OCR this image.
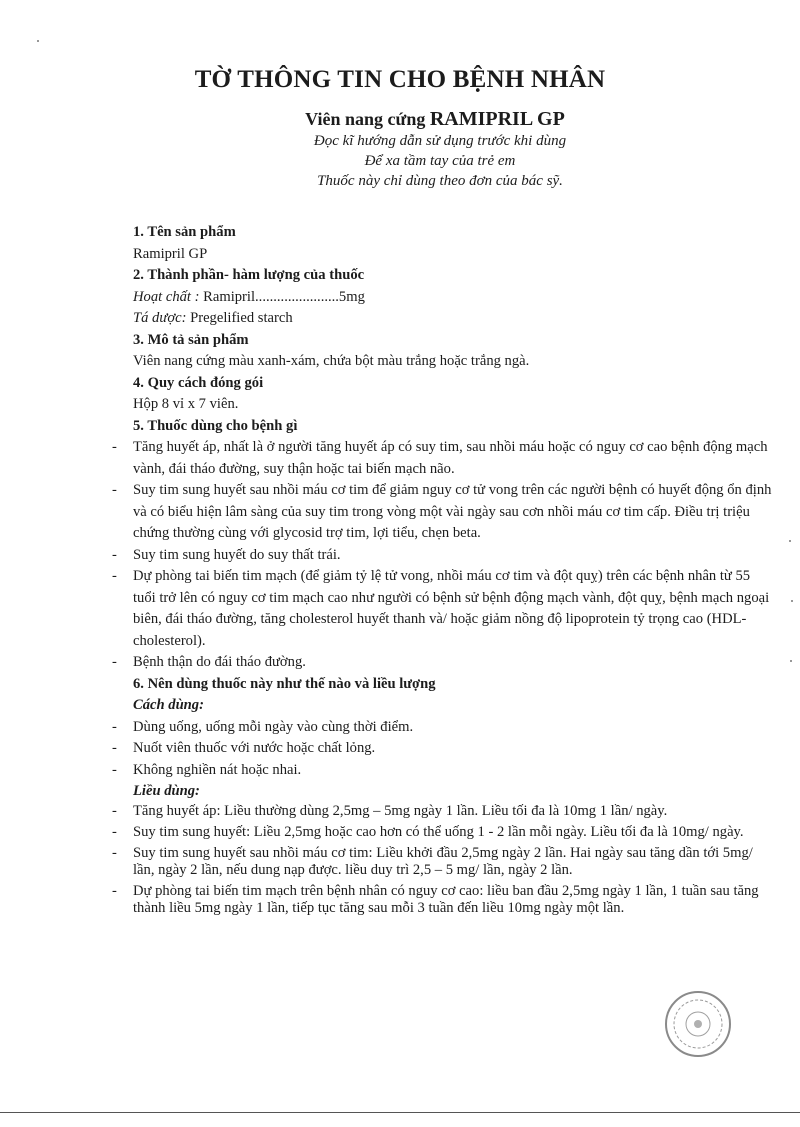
TỜ THÔNG TIN CHO BỆNH NHÂN
Viên nang cứng RAMIPRIL GP
Đọc kĩ hướng dẫn sử dụng trước khi dùng
Để xa tầm tay của trẻ em
Thuốc này chỉ dùng theo đơn của bác sỹ.

1. Tên sản phẩm

Ramipril GP

2. Thành phần- hàm lượng của thuốc

Hoạt chất : Ramipril.......................5mg

Tá dược: Pregelified starch

3. Mô tả sản phẩm

Viên nang cứng màu xanh-xám, chứa bột màu trắng hoặc trắng ngà.

4. Quy cách đóng gói

Hộp 8 vỉ x 7 viên.

5. Thuốc dùng cho bệnh gì

- Tăng huyết áp, nhất là ở người tăng huyết áp có suy tim, sau nhồi máu hoặc có nguy cơ cao bệnh động mạch vành, đái tháo đường, suy thận hoặc tai biến mạch não.
- Suy tim sung huyết sau nhồi máu cơ tim để giảm nguy cơ tử vong trên các người bệnh có huyết động ổn định và có biểu hiện lâm sàng của suy tim trong vòng một vài ngày sau cơn nhồi máu cơ tim cấp. Điều trị triệu chứng thường cùng với glycosid trợ tim, lợi tiểu, chẹn beta.
- Suy tim sung huyết do suy thất trái.
- Dự phòng tai biến tim mạch (để giảm tỷ lệ tử vong, nhồi máu cơ tim và đột quỵ) trên các bệnh nhân từ 55 tuổi trở lên có nguy cơ tim mạch cao như người có bệnh sử bệnh động mạch vành, đột quỵ, bệnh mạch ngoại biên, đái tháo đường, tăng cholesterol huyết thanh và/ hoặc giảm nồng độ lipoprotein tỷ trọng cao (HDL-cholesterol).
- Bệnh thận do đái tháo đường.

6. Nên dùng thuốc này như thế nào và liều lượng

Cách dùng:

- Dùng uống, uống mỗi ngày vào cùng thời điểm.
- Nuốt viên thuốc với nước hoặc chất lỏng.
- Không nghiền nát hoặc nhai.

Liều dùng:

- Tăng huyết áp: Liều thường dùng 2,5mg – 5mg ngày 1 lần. Liều tối đa là 10mg 1 lần/ ngày.
- Suy tim sung huyết: Liều 2,5mg hoặc cao hơn có thể uống 1 - 2 lần mỗi ngày. Liều tối đa là 10mg/ ngày.
- Suy tim sung huyết sau nhồi máu cơ tim: Liều khởi đầu 2,5mg ngày 2 lần. Hai ngày sau tăng dần tới 5mg/ lần, ngày 2 lần, nếu dung nạp được. liều duy trì 2,5 – 5 mg/ lần, ngày 2 lần.
- Dự phòng tai biến tim mạch trên bệnh nhân có nguy cơ cao: liều ban đầu 2,5mg ngày 1 lần, 1 tuần sau tăng thành liều 5mg ngày 1 lần, tiếp tục tăng sau mỗi 3 tuần đến liều 10mg ngày một lần.
